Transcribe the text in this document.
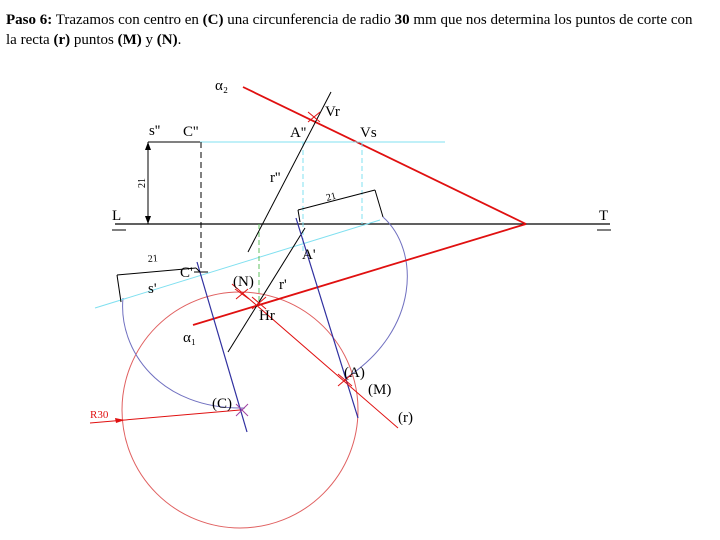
Paso 6: Trazamos con centro en (C) una circunferencia de radio 30 mm que nos determina los puntos de corte con la recta (r) puntos (M) y (N).
α₂
α₁
Vr
Vs
s'' C''	A''
r''
L	T
C'
A'
s'	r'
(N)
Hr
(A)
(M)
(C)
(r)
R30
21
21
21
